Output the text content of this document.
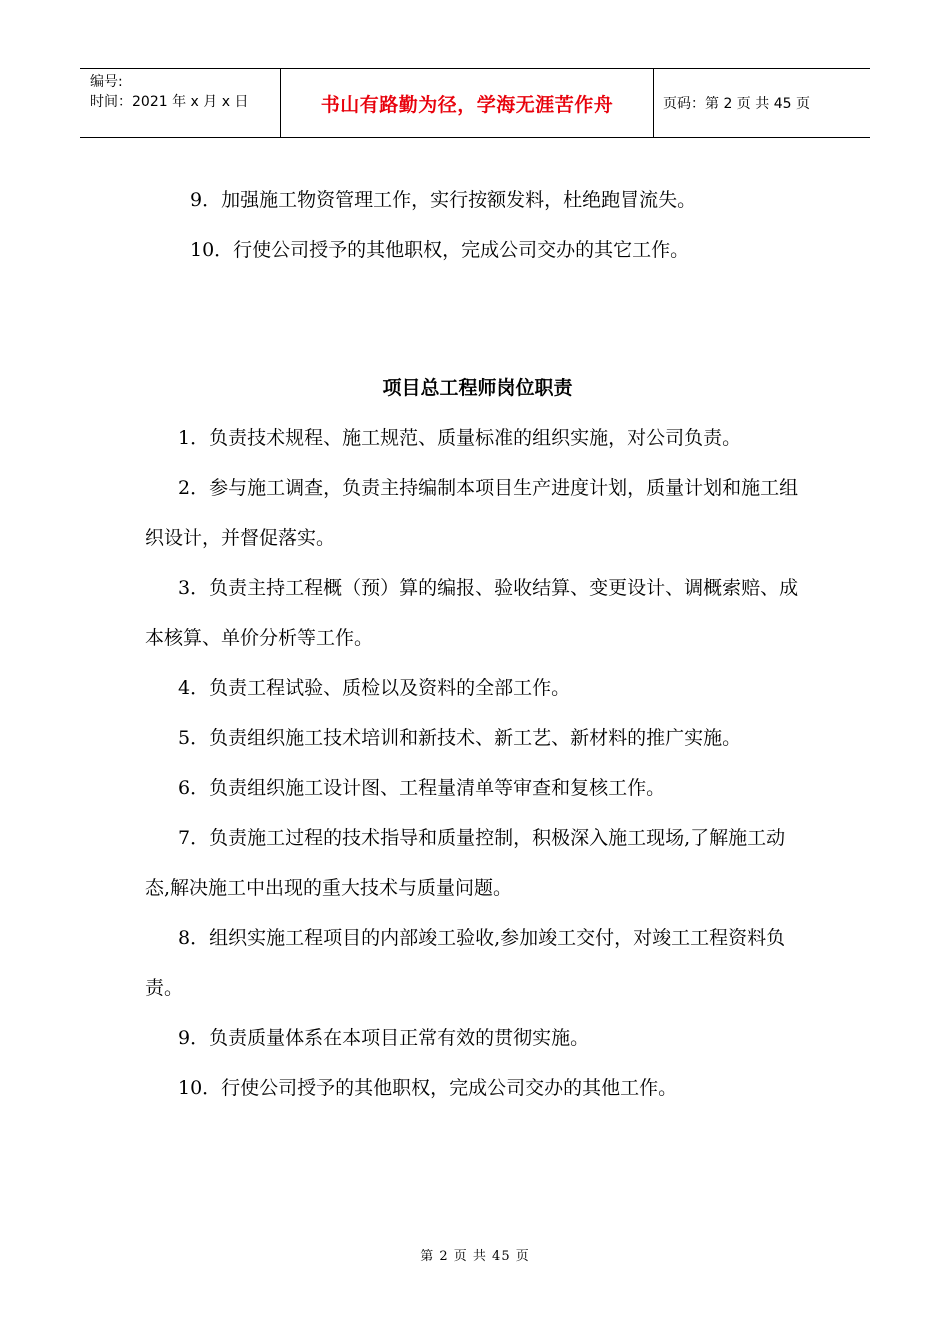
编号:
时间：2021 年 x 月 x 日	书山有路勤为径，学海无涯苦作舟	页码：第 2 页 共 45 页

9．加强施工物资管理工作，实行按额发料，杜绝跑冒流失。

10．行使公司授予的其他职权，完成公司交办的其它工作。

项目总工程师岗位职责

1．负责技术规程、施工规范、质量标准的组织实施，对公司负责。

2．参与施工调查，负责主持编制本项目生产进度计划，质量计划和施工组织设计，并督促落实。

3．负责主持工程概（预）算的编报、验收结算、变更设计、调概索赔、成本核算、单价分析等工作。

4．负责工程试验、质检以及资料的全部工作。

5．负责组织施工技术培训和新技术、新工艺、新材料的推广实施。

6．负责组织施工设计图、工程量清单等审查和复核工作。

7．负责施工过程的技术指导和质量控制，积极深入施工现场,了解施工动态,解决施工中出现的重大技术与质量问题。

8．组织实施工程项目的内部竣工验收,参加竣工交付，对竣工工程资料负责。

9．负责质量体系在本项目正常有效的贯彻实施。

10．行使公司授予的其他职权，完成公司交办的其他工作。

第 2 页 共 45 页
